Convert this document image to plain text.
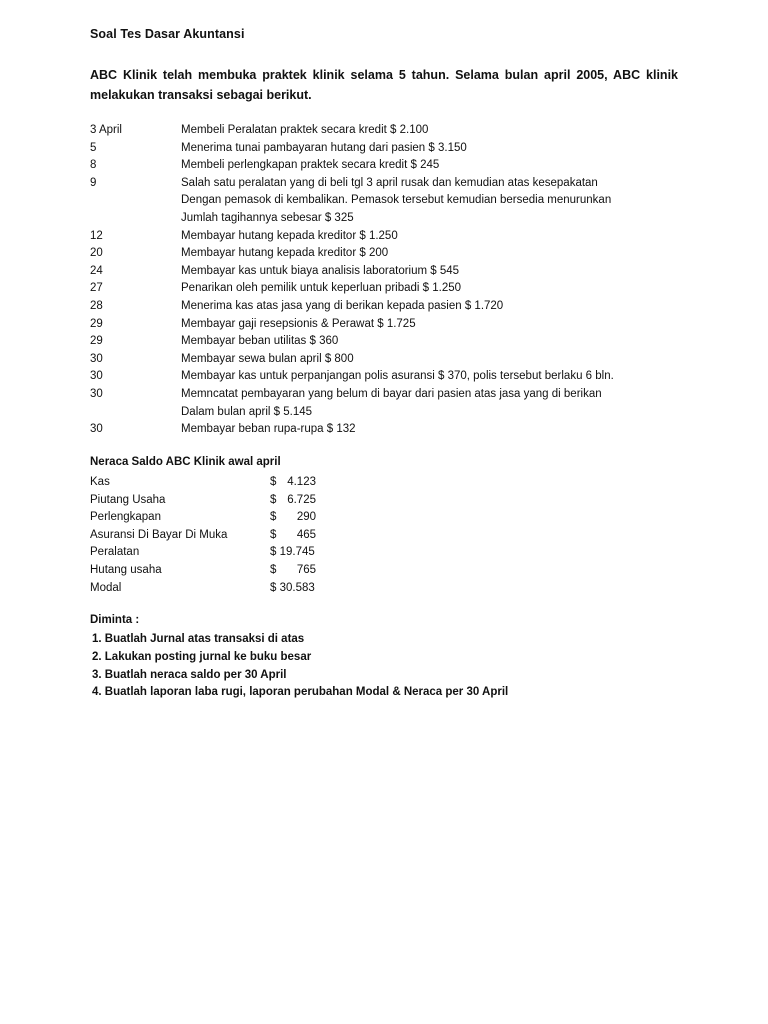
Soal Tes Dasar Akuntansi
ABC Klinik telah membuka praktek klinik selama 5 tahun. Selama bulan april 2005, ABC klinik melakukan transaksi sebagai berikut.
3 April	Membeli Peralatan praktek secara kredit $ 2.100
5	Menerima tunai pambayaran hutang dari pasien $ 3.150
8	Membeli perlengkapan praktek secara kredit $ 245
9	Salah satu peralatan yang di beli tgl 3 april rusak dan kemudian atas kesepakatan
Dengan pemasok di kembalikan. Pemasok tersebut kemudian bersedia menurunkan
Jumlah tagihannya sebesar $ 325
12	Membayar hutang kepada kreditor $ 1.250
20	Membayar hutang kepada kreditor $ 200
24	Membayar kas untuk biaya analisis laboratorium $ 545
27	Penarikan oleh pemilik untuk keperluan pribadi $ 1.250
28	Menerima kas atas jasa yang di berikan kepada pasien $ 1.720
29	Membayar gaji resepsionis & Perawat $ 1.725
29	Membayar beban utilitas $ 360
30	Membayar sewa bulan april $ 800
30	Membayar kas untuk perpanjangan polis asuransi $ 370, polis tersebut berlaku 6 bln.
30	Memncatat pembayaran yang belum di bayar dari pasien atas jasa yang di berikan
Dalam bulan april $ 5.145
30	Membayar beban rupa-rupa $ 132
Neraca Saldo ABC Klinik awal april
Kas	$ 4.123
Piutang Usaha	$ 6.725
Perlengkapan	$	290
Asuransi Di Bayar Di Muka	$	465
Peralatan	$ 19.745
Hutang usaha	$	765
Modal	$ 30.583
Diminta :
1. Buatlah Jurnal atas transaksi di atas
2. Lakukan posting jurnal ke buku besar
3. Buatlah neraca saldo per 30 April
4. Buatlah laporan laba rugi, laporan perubahan Modal & Neraca per 30 April
